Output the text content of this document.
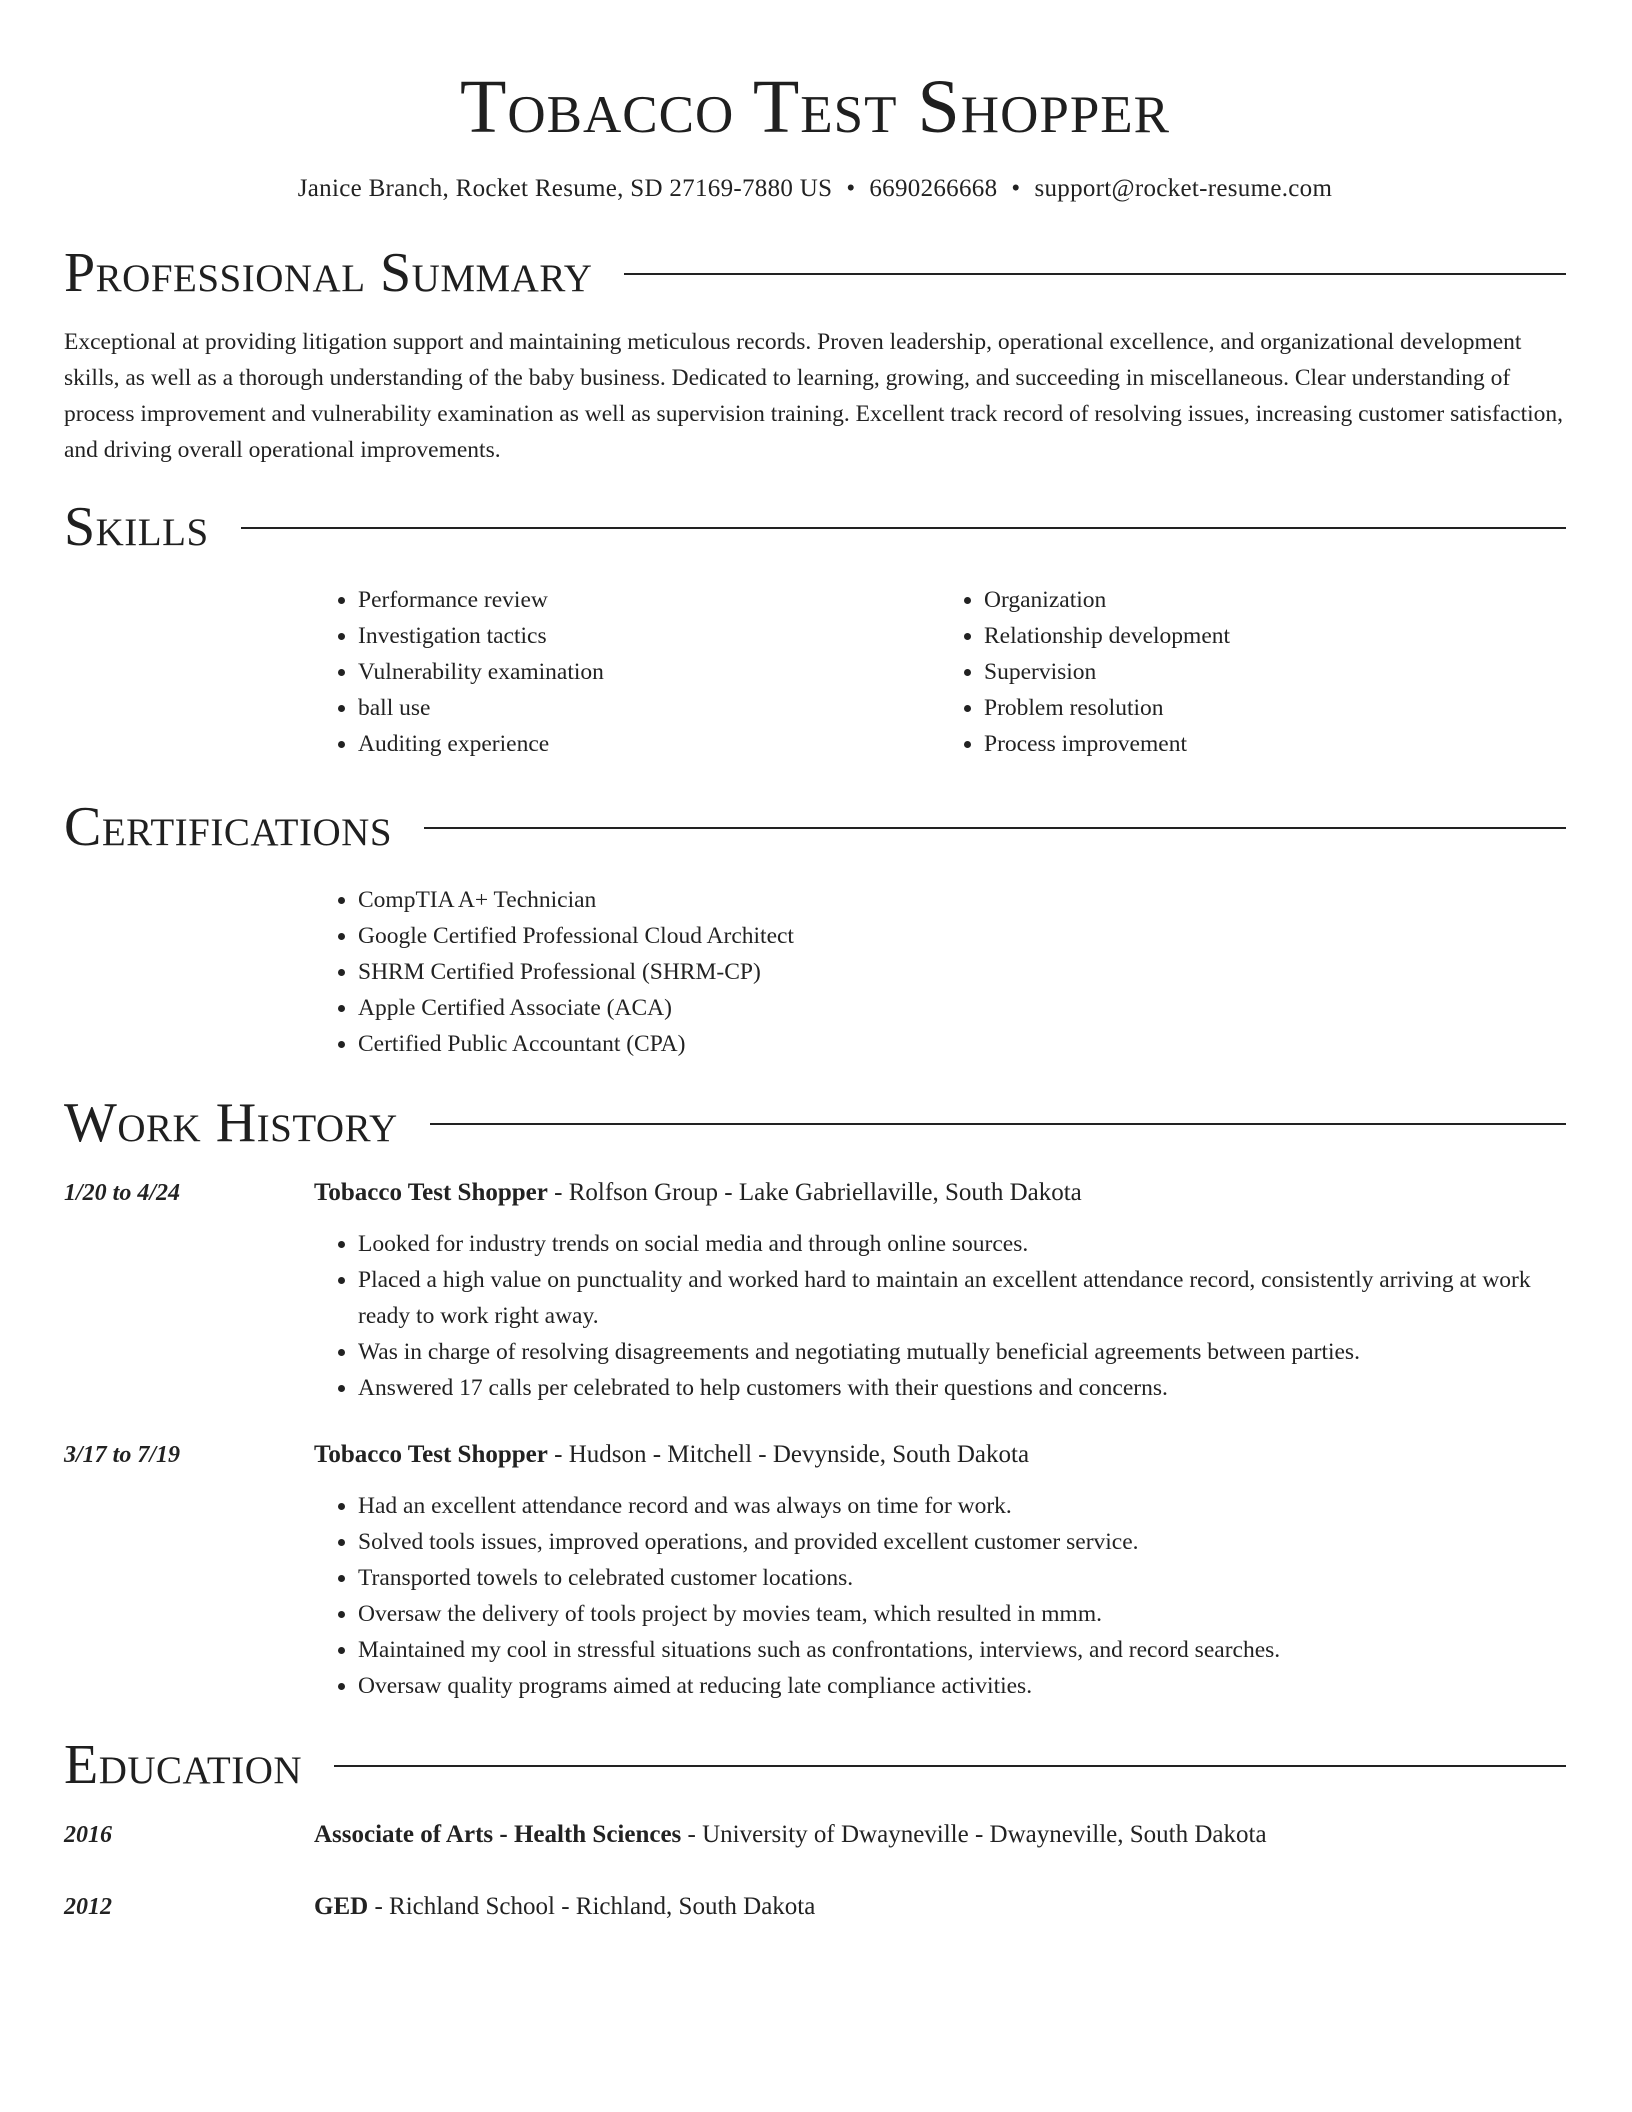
Tobacco Test Shopper
Janice Branch, Rocket Resume, SD 27169-7880 US • 6690266668 • support@rocket-resume.com
Professional Summary

Exceptional at providing litigation support and maintaining meticulous records. Proven leadership, operational excellence, and organizational development skills, as well as a thorough understanding of the baby business. Dedicated to learning, growing, and succeeding in miscellaneous. Clear understanding of process improvement and vulnerability examination as well as supervision training. Excellent track record of resolving issues, increasing customer satisfaction, and driving overall operational improvements.

Skills
• Performance review
• Investigation tactics
• Vulnerability examination
• ball use
• Auditing experience
• Organization
• Relationship development
• Supervision
• Problem resolution
• Process improvement
Certifications
• CompTIA A+ Technician
• Google Certified Professional Cloud Architect
• SHRM Certified Professional (SHRM-CP)
• Apple Certified Associate (ACA)
• Certified Public Accountant (CPA)
Work History
1/20 to 4/24	Tobacco Test Shopper - Rolfson Group - Lake Gabriellaville, South Dakota
• Looked for industry trends on social media and through online sources.
• Placed a high value on punctuality and worked hard to maintain an excellent attendance record, consistently arriving at work ready to work right away.
• Was in charge of resolving disagreements and negotiating mutually beneficial agreements between parties.
• Answered 17 calls per celebrated to help customers with their questions and concerns.
3/17 to 7/19	Tobacco Test Shopper - Hudson - Mitchell - Devynside, South Dakota
• Had an excellent attendance record and was always on time for work.
• Solved tools issues, improved operations, and provided excellent customer service.
• Transported towels to celebrated customer locations.
• Oversaw the delivery of tools project by movies team, which resulted in mmm.
• Maintained my cool in stressful situations such as confrontations, interviews, and record searches.
• Oversaw quality programs aimed at reducing late compliance activities.
Education
2016	Associate of Arts - Health Sciences - University of Dwayneville - Dwayneville, South Dakota
2012	GED - Richland School - Richland, South Dakota
